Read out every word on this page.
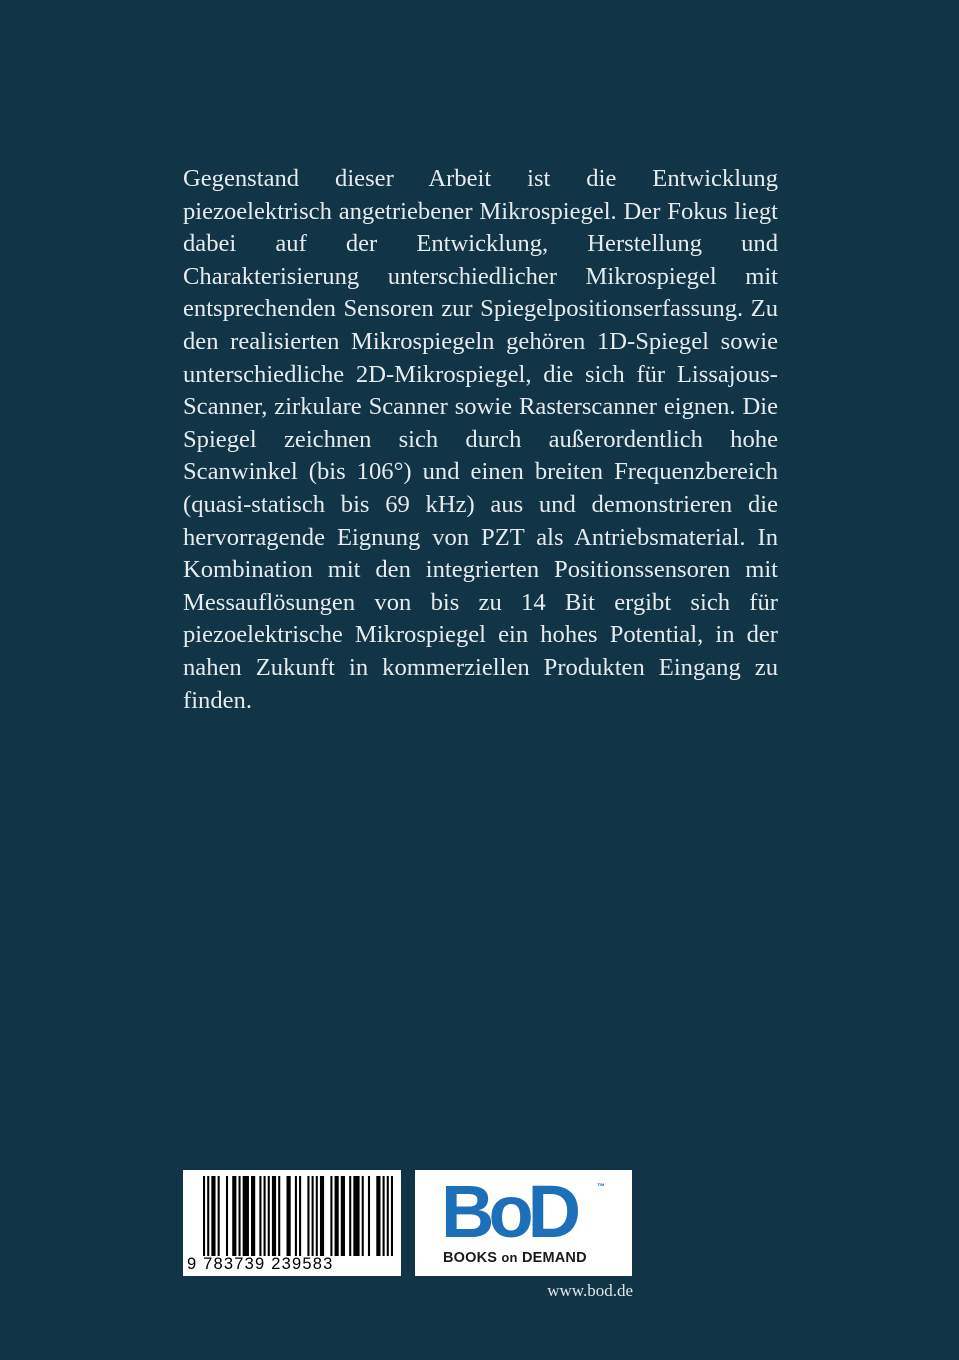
Gegenstand dieser Arbeit ist die Entwicklung piezoelektrisch angetriebener Mikrospiegel. Der Fokus liegt dabei auf der Entwicklung, Herstellung und Charakterisierung unterschiedlicher Mikrospiegel mit entsprechenden Sensoren zur Spiegelpositionserfassung. Zu den realisierten Mikrospiegeln gehören 1D-Spiegel sowie unterschiedliche 2D-Mikrospiegel, die sich für Lissajous-Scanner, zirkulare Scanner sowie Rasterscanner eignen. Die Spiegel zeichnen sich durch außerordentlich hohe Scanwinkel (bis 106°) und einen breiten Frequenzbereich (quasi-statisch bis 69 kHz) aus und demonstrieren die hervorragende Eignung von PZT als Antriebsmaterial. In Kombination mit den integrierten Positionssensoren mit Messauflösungen von bis zu 14 Bit ergibt sich für piezoelektrische Mikrospiegel ein hohes Potential, in der nahen Zukunft in kommerziellen Produkten Eingang zu finden.

9 783739 239583
BoD	™
BOOKS on DEMAND
www.bod.de
